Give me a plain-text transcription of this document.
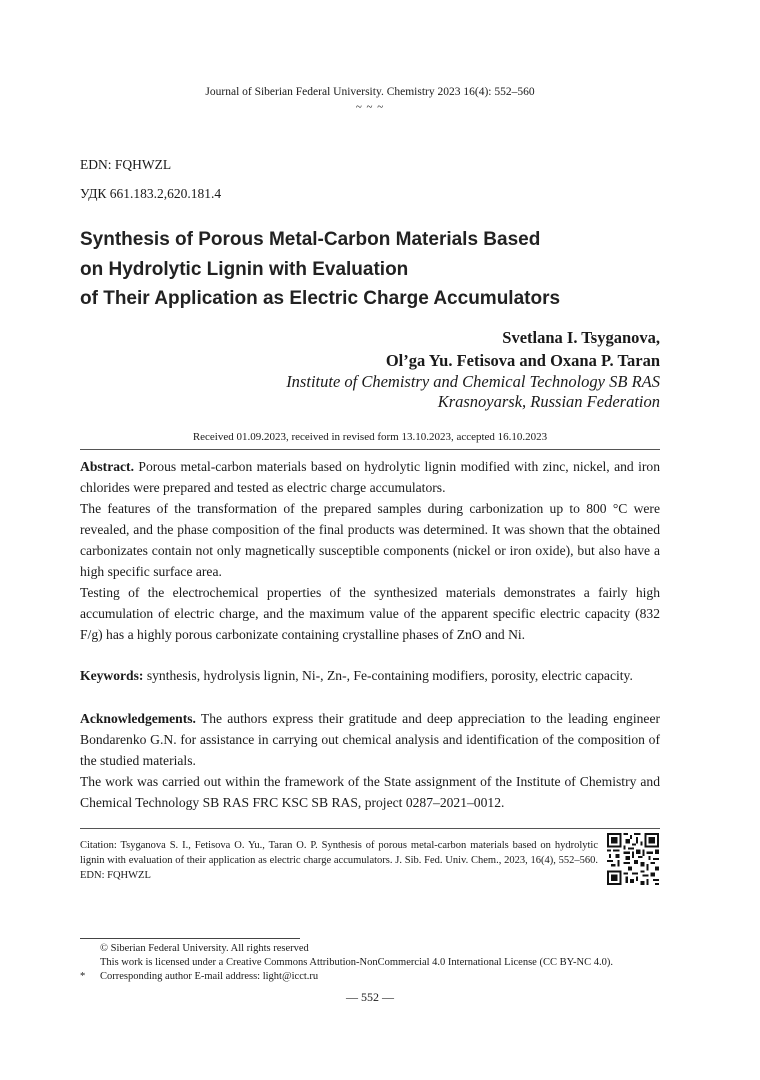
Journal of Siberian Federal University. Chemistry 2023 16(4): 552–560
~ ~ ~
EDN: FQHWZL
УДК 661.183.2,620.181.4
Synthesis of Porous Metal-Carbon Materials Based
on Hydrolytic Lignin with Evaluation
of Their Application as Electric Charge Accumulators
Svetlana I. Tsyganova,
Ol’ga Yu. Fetisova and Oxana P. Taran
Institute of Chemistry and Chemical Technology SB RAS
Krasnoyarsk, Russian Federation
Received 01.09.2023, received in revised form 13.10.2023, accepted 16.10.2023

Abstract. Porous metal-carbon materials based on hydrolytic lignin modified with zinc, nickel, and iron chlorides were prepared and tested as electric charge accumulators.

The features of the transformation of the prepared samples during carbonization up to 800 °C were revealed, and the phase composition of the final products was determined. It was shown that the obtained carbonizates contain not only magnetically susceptible components (nickel or iron oxide), but also have a high specific surface area.

Testing of the electrochemical properties of the synthesized materials demonstrates a fairly high accumulation of electric charge, and the maximum value of the apparent specific electric capacity (832 F/g) has a highly porous carbonizate containing crystalline phases of ZnO and Ni.

Keywords: synthesis, hydrolysis lignin, Ni-, Zn-, Fe-containing modifiers, porosity, electric capacity.

Acknowledgements. The authors express their gratitude and deep appreciation to the leading engineer Bondarenko G.N. for assistance in carrying out chemical analysis and identification of the composition of the studied materials.

The work was carried out within the framework of the State assignment of the Institute of Chemistry and Chemical Technology SB RAS FRC KSC SB RAS, project 0287–2021–0012.

Citation: Tsyganova S. I., Fetisova O. Yu., Taran O. P. Synthesis of porous metal-carbon materials based on hydrolytic lignin with evaluation of their application as electric charge accumulators. J. Sib. Fed. Univ. Chem., 2023, 16(4), 552–560. EDN: FQHWZL
© Siberian Federal University. All rights reserved
This work is licensed under a Creative Commons Attribution-NonCommercial 4.0 International License (CC BY-NC 4.0).
* Corresponding author E-mail address: light@icct.ru
— 552 —
